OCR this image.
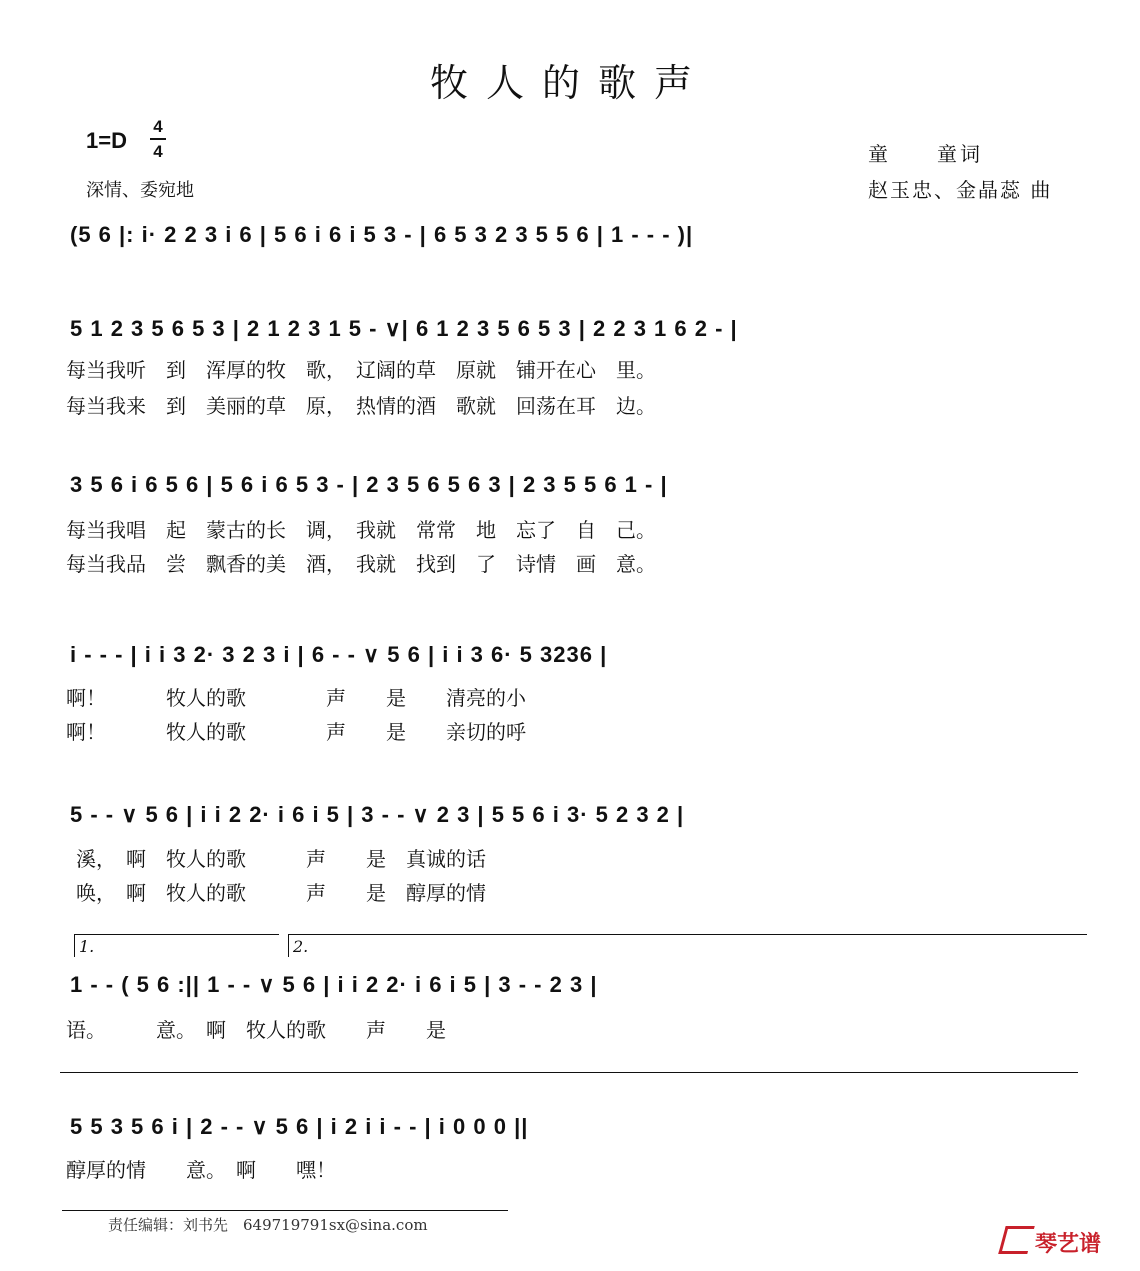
牧人的歌声
1=D
4
4
深情、委宛地
童　　童词
赵玉忠、金晶蕊 曲
(5 6 |: i· 2 2 3 i 6 | 5 6 i 6 i 5 3 - | 6 5 3 2 3 5 5 6 | 1 - - - )|
5 1 2 3 5 6 5 3 | 2 1 2 3 1 5 - ∨| 6 1 2 3 5 6 5 3 | 2 2 3 1 6 2 - |
每当我听　到　浑厚的牧　歌，　辽阔的草　原就　铺开在心　里。
每当我来　到　美丽的草　原，　热情的酒　歌就　回荡在耳　边。
3 5 6 i 6 5 6 | 5 6 i 6 5 3 - | 2 3 5 6 5 6 3 | 2 3 5 5 6 1 - |
每当我唱　起　蒙古的长　调，　我就　常常　地　忘了　自　己。
每当我品　尝　飘香的美　酒，　我就　找到　了　诗情　画　意。
i - - - | i i 3 2· 3 2 3 i | 6 - - ∨ 5 6 | i i 3 6· 5 3236 |
啊！　　　牧人的歌　　　　声　　是　　清亮的小
啊！　　　牧人的歌　　　　声　　是　　亲切的呼
5 - - ∨ 5 6 | i i 2 2· i 6 i 5 | 3 - - ∨ 2 3 | 5 5 6 i 3· 5 2 3 2 |
溪，　啊　牧人的歌　　　声　　是　真诚的话
唤，　啊　牧人的歌　　　声　　是　醇厚的情
1.	2.
1 - - ( 5 6 :|| 1 - - ∨ 5 6 | i i 2 2· i 6 i 5 | 3 - - 2 3 |
语。　　　意。　啊　牧人的歌　　声　　是
5 5 3 5 6 i | 2 - - ∨ 5 6 | i 2 i i - - | i 0 0 0 ||
醇厚的情　　意。　啊　　嘿！
责任编辑：刘书先　649719791sx@sina.com
琴艺谱
